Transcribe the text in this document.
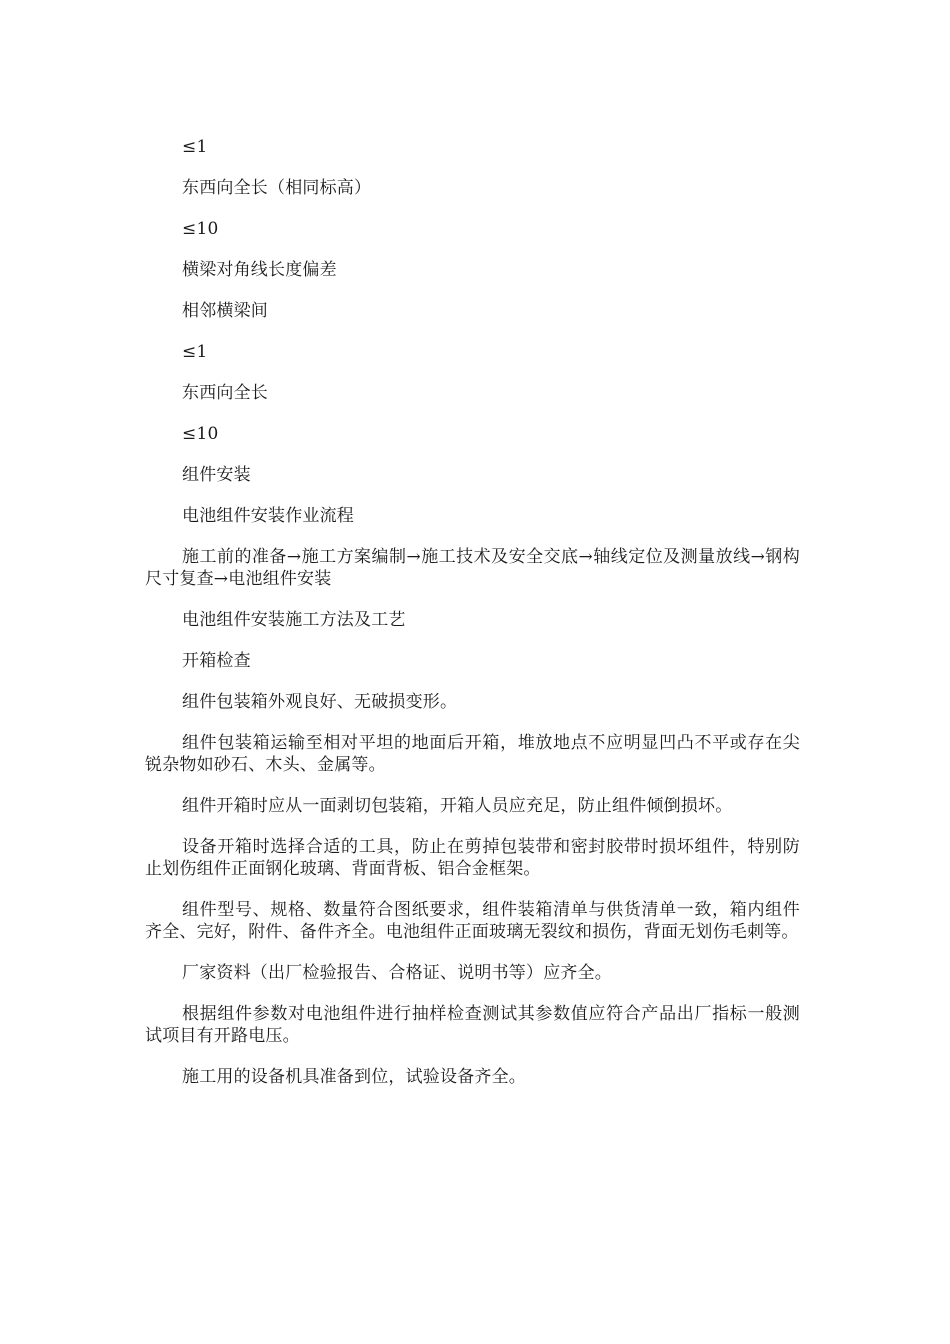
≤1

东西向全长（相同标高）

≤10

横梁对角线长度偏差

相邻横梁间

≤1

东西向全长

≤10

组件安装

电池组件安装作业流程

施工前的准备→施工方案编制→施工技术及安全交底→轴线定位及测量放线→钢构尺寸复查→电池组件安装

电池组件安装施工方法及工艺

开箱检查

组件包装箱外观良好、无破损变形。

组件包装箱运输至相对平坦的地面后开箱，堆放地点不应明显凹凸不平或存在尖锐杂物如砂石、木头、金属等。

组件开箱时应从一面剥切包装箱，开箱人员应充足，防止组件倾倒损坏。

设备开箱时选择合适的工具，防止在剪掉包装带和密封胶带时损坏组件，特别防止划伤组件正面钢化玻璃、背面背板、铝合金框架。

组件型号、规格、数量符合图纸要求，组件装箱清单与供货清单一致，箱内组件齐全、完好，附件、备件齐全。电池组件正面玻璃无裂纹和损伤，背面无划伤毛刺等。

厂家资料（出厂检验报告、合格证、说明书等）应齐全。

根据组件参数对电池组件进行抽样检查测试其参数值应符合产品出厂指标一般测试项目有开路电压。

施工用的设备机具准备到位，试验设备齐全。
